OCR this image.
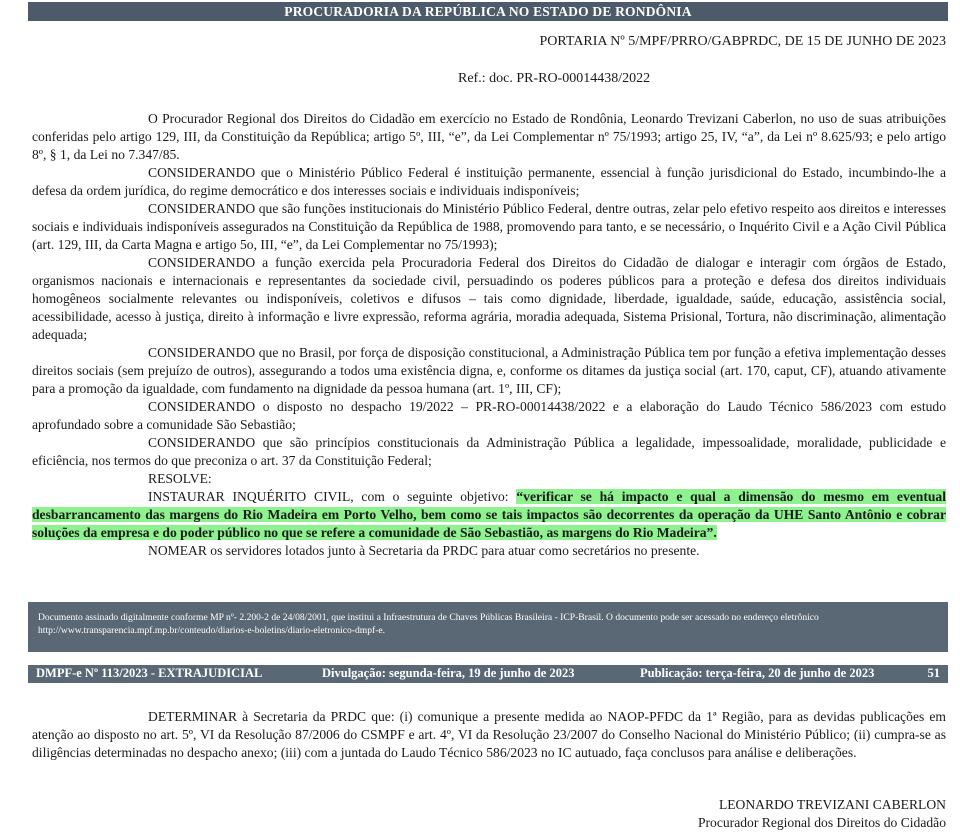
PROCURADORIA DA REPÚBLICA NO ESTADO DE RONDÔNIA
PORTARIA Nº 5/MPF/PRRO/GABPRDC, DE 15 DE JUNHO DE 2023
Ref.: doc. PR-RO-00014438/2022

O Procurador Regional dos Direitos do Cidadão em exercício no Estado de Rondônia, Leonardo Trevizani Caberlon, no uso de suas atribuições conferidas pelo artigo 129, III, da Constituição da República; artigo 5º, III, “e”, da Lei Complementar nº 75/1993; artigo 25, IV, “a”, da Lei nº 8.625/93; e pelo artigo 8º, § 1, da Lei no 7.347/85.

CONSIDERANDO que o Ministério Público Federal é instituição permanente, essencial à função jurisdicional do Estado, incumbindo-lhe a defesa da ordem jurídica, do regime democrático e dos interesses sociais e individuais indisponíveis;

CONSIDERANDO que são funções institucionais do Ministério Público Federal, dentre outras, zelar pelo efetivo respeito aos direitos e interesses sociais e individuais indisponíveis assegurados na Constituição da República de 1988, promovendo para tanto, e se necessário, o Inquérito Civil e a Ação Civil Pública (art. 129, III, da Carta Magna e artigo 5o, III, “e”, da Lei Complementar no 75/1993);

CONSIDERANDO a função exercida pela Procuradoria Federal dos Direitos do Cidadão de dialogar e interagir com órgãos de Estado, organismos nacionais e internacionais e representantes da sociedade civil, persuadindo os poderes públicos para a proteção e defesa dos direitos individuais homogêneos socialmente relevantes ou indisponíveis, coletivos e difusos – tais como dignidade, liberdade, igualdade, saúde, educação, assistência social, acessibilidade, acesso à justiça, direito à informação e livre expressão, reforma agrária, moradia adequada, Sistema Prisional, Tortura, não discriminação, alimentação adequada;

CONSIDERANDO que no Brasil, por força de disposição constitucional, a Administração Pública tem por função a efetiva implementação desses direitos sociais (sem prejuízo de outros), assegurando a todos uma existência digna, e, conforme os ditames da justiça social (art. 170, caput, CF), atuando ativamente para a promoção da igualdade, com fundamento na dignidade da pessoa humana (art. 1º, III, CF);

CONSIDERANDO o disposto no despacho 19/2022 – PR-RO-00014438/2022 e a elaboração do Laudo Técnico 586/2023 com estudo aprofundado sobre a comunidade São Sebastião;

CONSIDERANDO que são princípios constitucionais da Administração Pública a legalidade, impessoalidade, moralidade, publicidade e eficiência, nos termos do que preconiza o art. 37 da Constituição Federal;

RESOLVE:

INSTAURAR INQUÉRITO CIVIL, com o seguinte objetivo: “verificar se há impacto e qual a dimensão do mesmo em eventual desbarrancamento das margens do Rio Madeira em Porto Velho, bem como se tais impactos são decorrentes da operação da UHE Santo Antônio e cobrar soluções da empresa e do poder público no que se refere a comunidade de São Sebastião, as margens do Rio Madeira”.

NOMEAR os servidores lotados junto à Secretaria da PRDC para atuar como secretários no presente.

Documento assinado digitalmente conforme MP nº- 2.200-2 de 24/08/2001, que institui a Infraestrutura de Chaves Públicas Brasileira - ICP-Brasil. O documento pode ser acessado no endereço eletrônico http://www.transparencia.mpf.mp.br/conteudo/diarios-e-boletins/diario-eletronico-dmpf-e.
DMPF-e Nº 113/2023 - EXTRAJUDICIAL	Divulgação: segunda-feira, 19 de junho de 2023	Publicação: terça-feira, 20 de junho de 2023	51

DETERMINAR à Secretaria da PRDC que: (i) comunique a presente medida ao NAOP-PFDC da 1ª Região, para as devidas publicações em atenção ao disposto no art. 5º, VI da Resolução 87/2006 do CSMPF e art. 4º, VI da Resolução 23/2007 do Conselho Nacional do Ministério Público; (ii) cumpra-se as diligências determinadas no despacho anexo; (iii) com a juntada do Laudo Técnico 586/2023 no IC autuado, faça conclusos para análise e deliberações.

LEONARDO TREVIZANI CABERLON
Procurador Regional dos Direitos do Cidadão
